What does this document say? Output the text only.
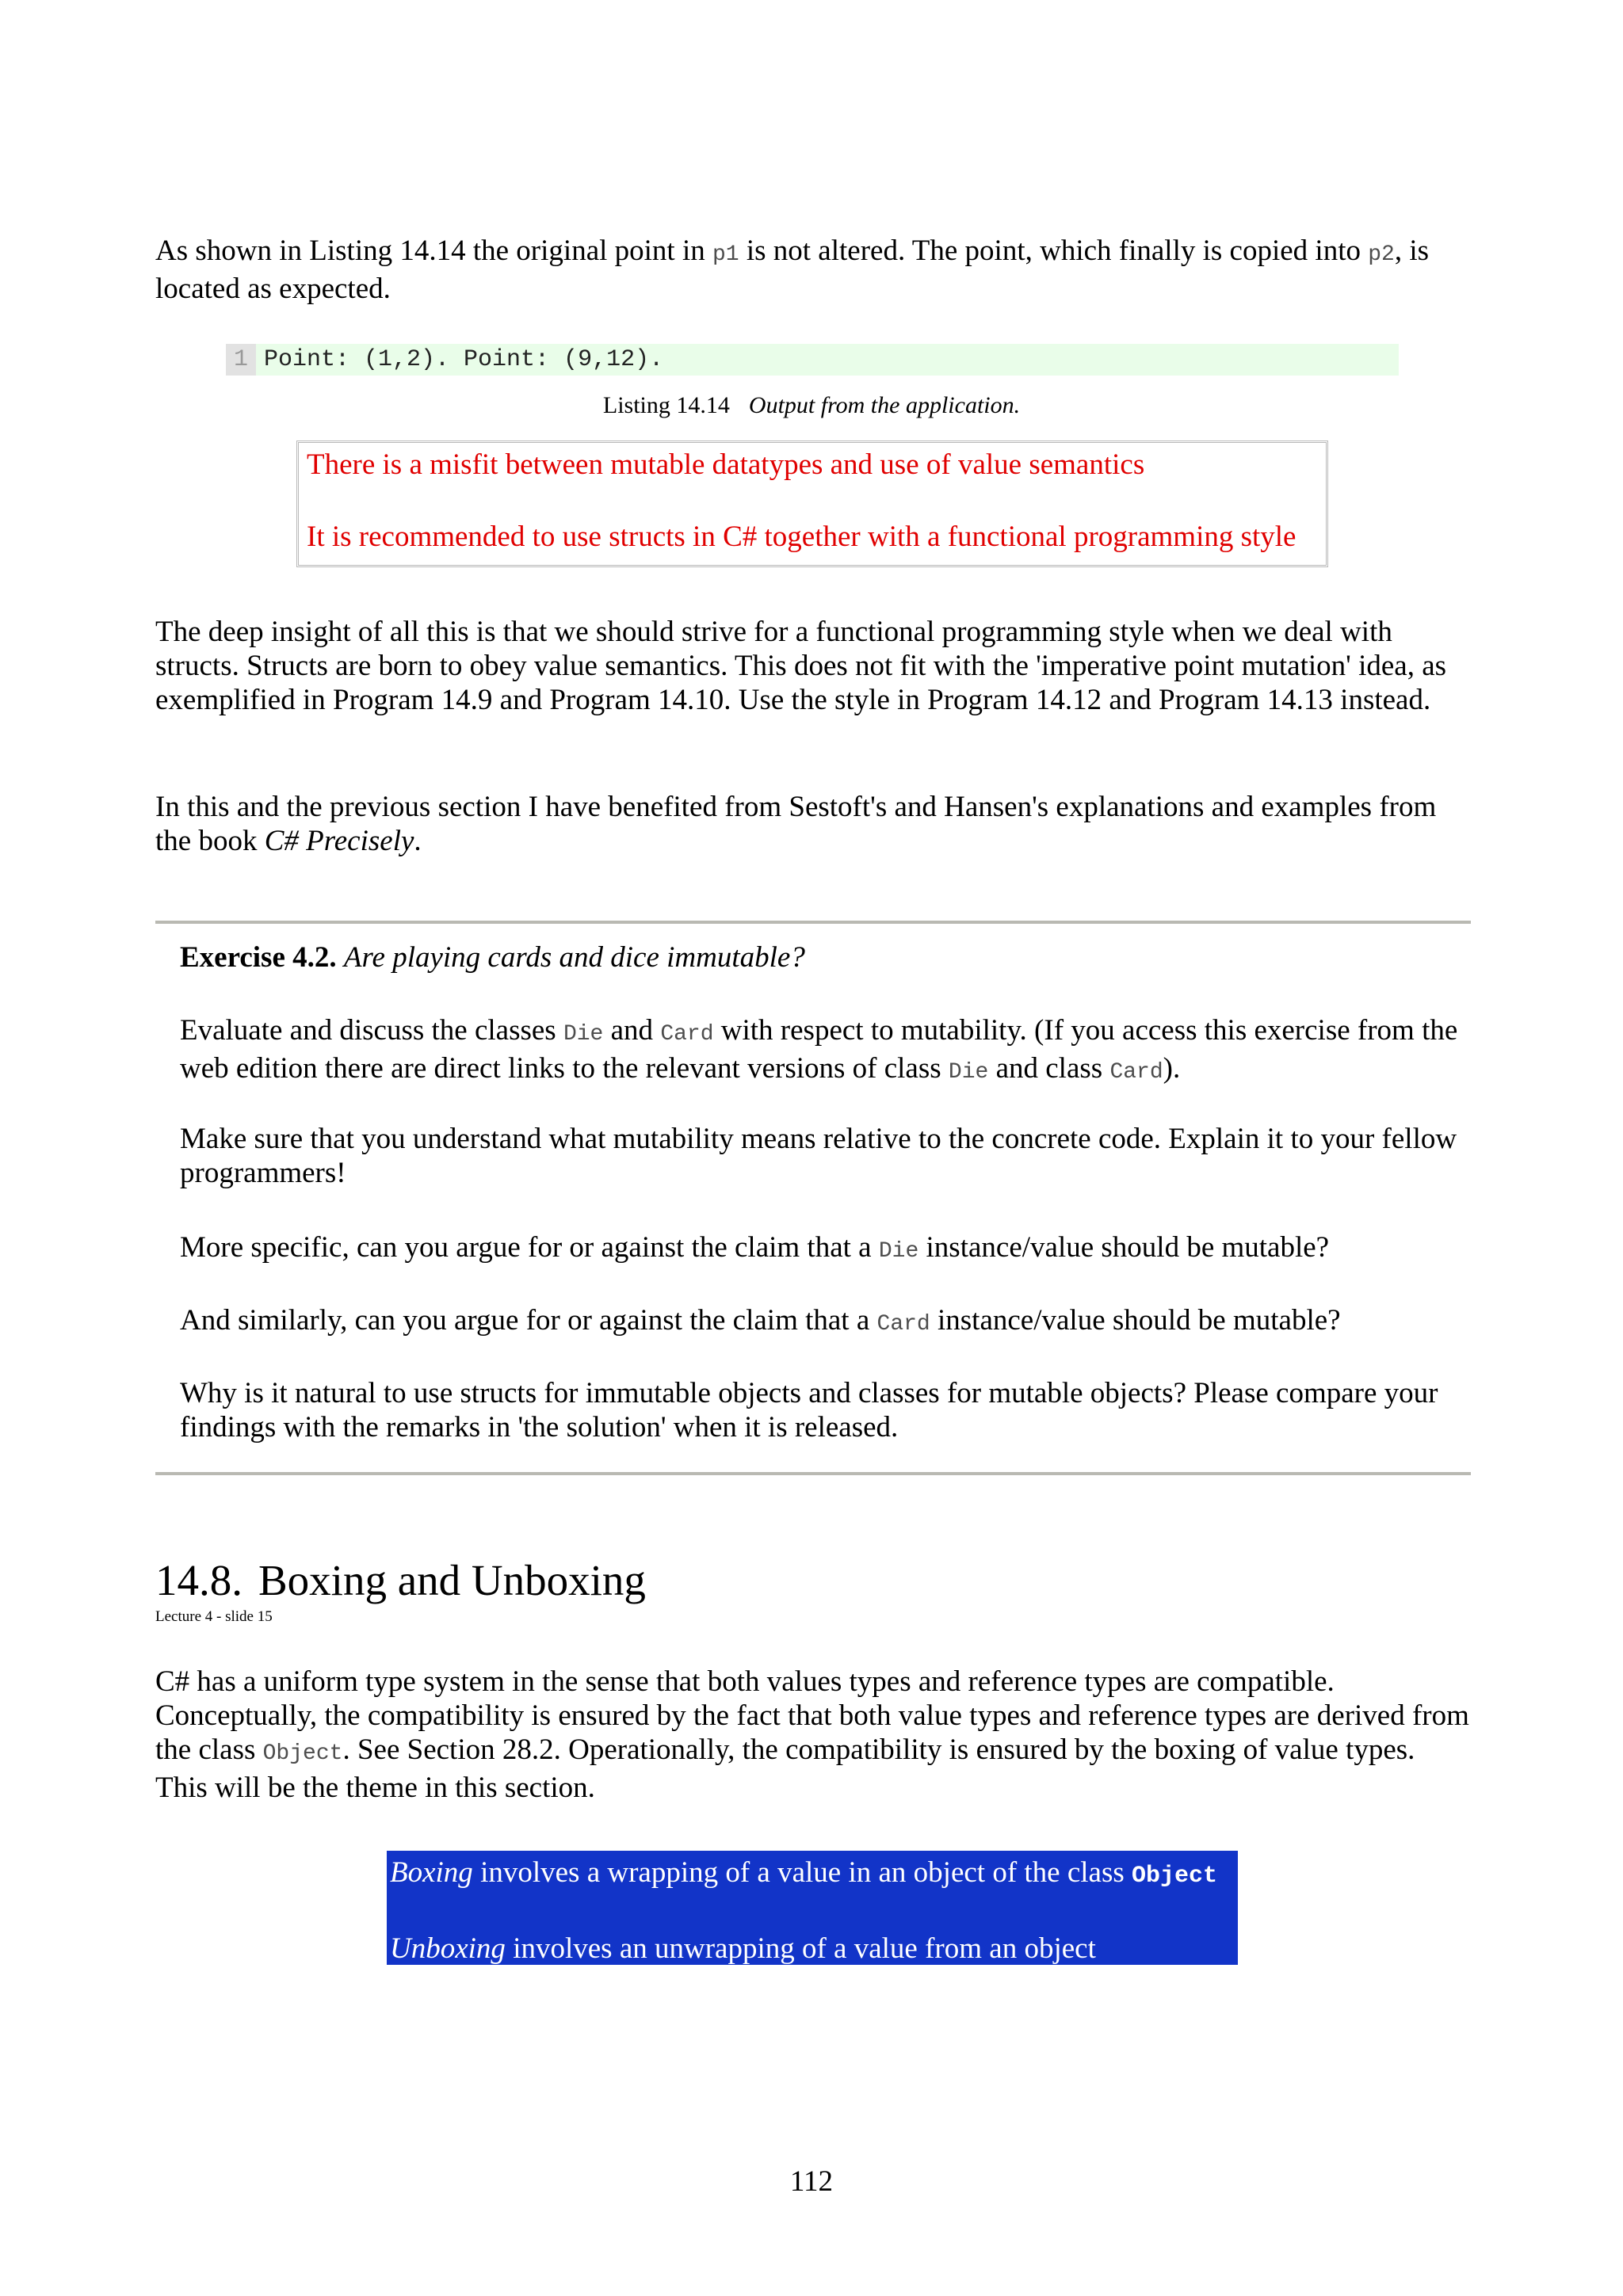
As shown in Listing 14.14 the original point in p1 is not altered. The point, which finally is copied into p2, is located as expected.

1 Point: (1,2). Point: (9,12).
Listing 14.14 Output from the application.

There is a misfit between mutable datatypes and use of value semantics

It is recommended to use structs in C# together with a functional programming style

The deep insight of all this is that we should strive for a functional programming style when we deal with structs. Structs are born to obey value semantics. This does not fit with the 'imperative point mutation' idea, as exemplified in Program 14.9 and Program 14.10. Use the style in Program 14.12 and Program 14.13 instead.

In this and the previous section I have benefited from Sestoft's and Hansen's explanations and examples from the book C# Precisely.

Exercise 4.2. Are playing cards and dice immutable?

Evaluate and discuss the classes Die and Card with respect to mutability. (If you access this exercise from the web edition there are direct links to the relevant versions of class Die and class Card).

Make sure that you understand what mutability means relative to the concrete code. Explain it to your fellow programmers!

More specific, can you argue for or against the claim that a Die instance/value should be mutable?

And similarly, can you argue for or against the claim that a Card instance/value should be mutable?

Why is it natural to use structs for immutable objects and classes for mutable objects? Please compare your findings with the remarks in 'the solution' when it is released.

14.8. Boxing and Unboxing
Lecture 4 - slide 15

C# has a uniform type system in the sense that both values types and reference types are compatible. Conceptually, the compatibility is ensured by the fact that both value types and reference types are derived from the class Object. See Section 28.2. Operationally, the compatibility is ensured by the boxing of value types. This will be the theme in this section.

Boxing involves a wrapping of a value in an object of the class Object

Unboxing involves an unwrapping of a value from an object

112
